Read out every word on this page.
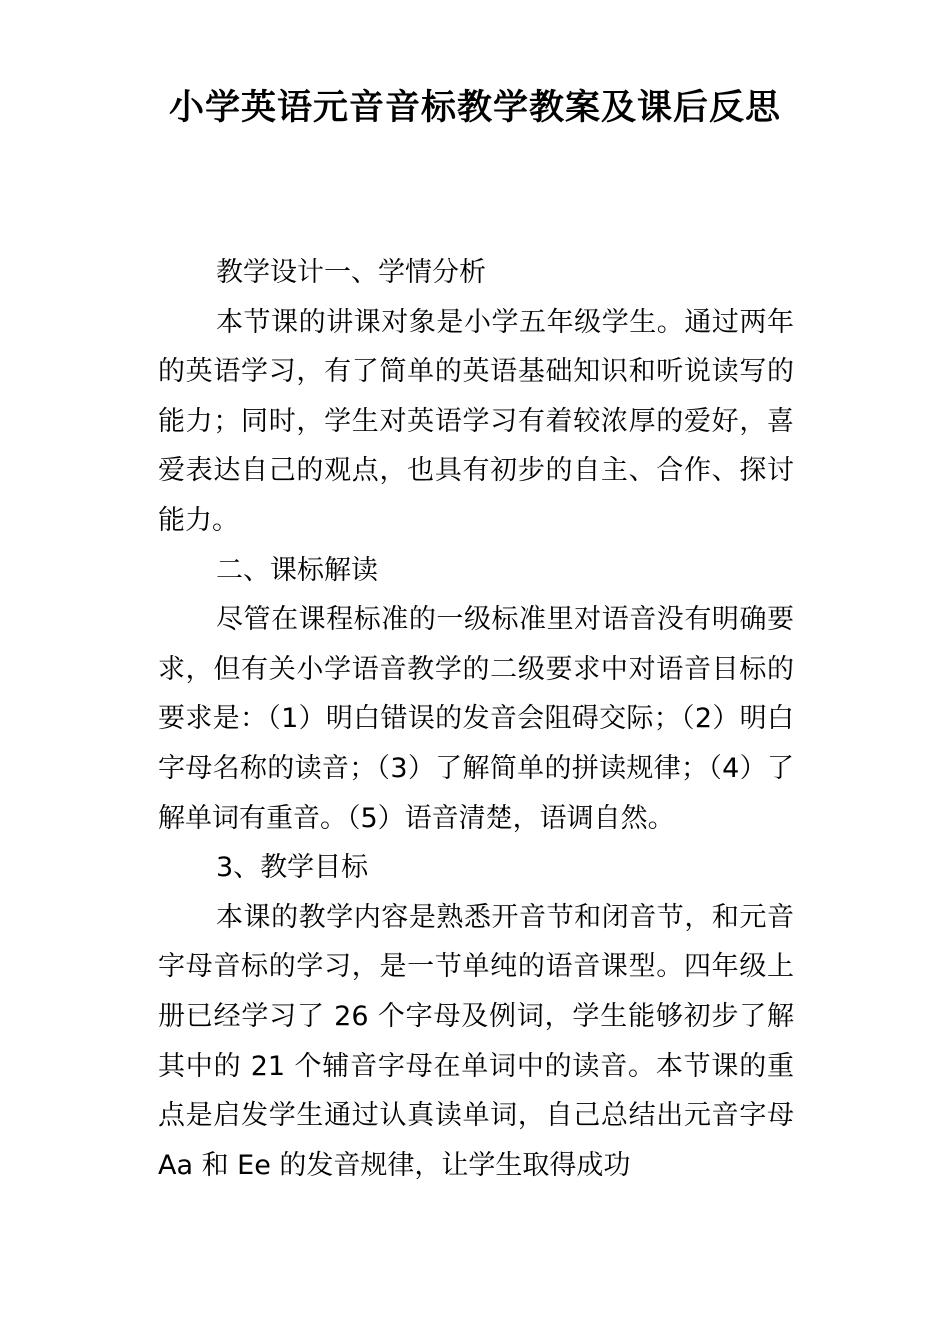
小学英语元音音标教学教案及课后反思

教学设计一、学情分析

本节课的讲课对象是小学五年级学生。通过两年的英语学习，有了简单的英语基础知识和听说读写的能力；同时，学生对英语学习有着较浓厚的爱好，喜爱表达自己的观点，也具有初步的自主、合作、探讨能力。

二、课标解读

尽管在课程标准的一级标准里对语音没有明确要求，但有关小学语音教学的二级要求中对语音目标的要求是：（1）明白错误的发音会阻碍交际；（2）明白字母名称的读音；（3）了解简单的拼读规律；（4）了解单词有重音。（5）语音清楚，语调自然。

3、教学目标

本课的教学内容是熟悉开音节和闭音节，和元音字母音标的学习，是一节单纯的语音课型。四年级上册已经学习了 26 个字母及例词，学生能够初步了解其中的 21 个辅音字母在单词中的读音。本节课的重点是启发学生通过认真读单词，自己总结出元音字母 Aa 和 Ee 的发音规律，让学生取得成功
